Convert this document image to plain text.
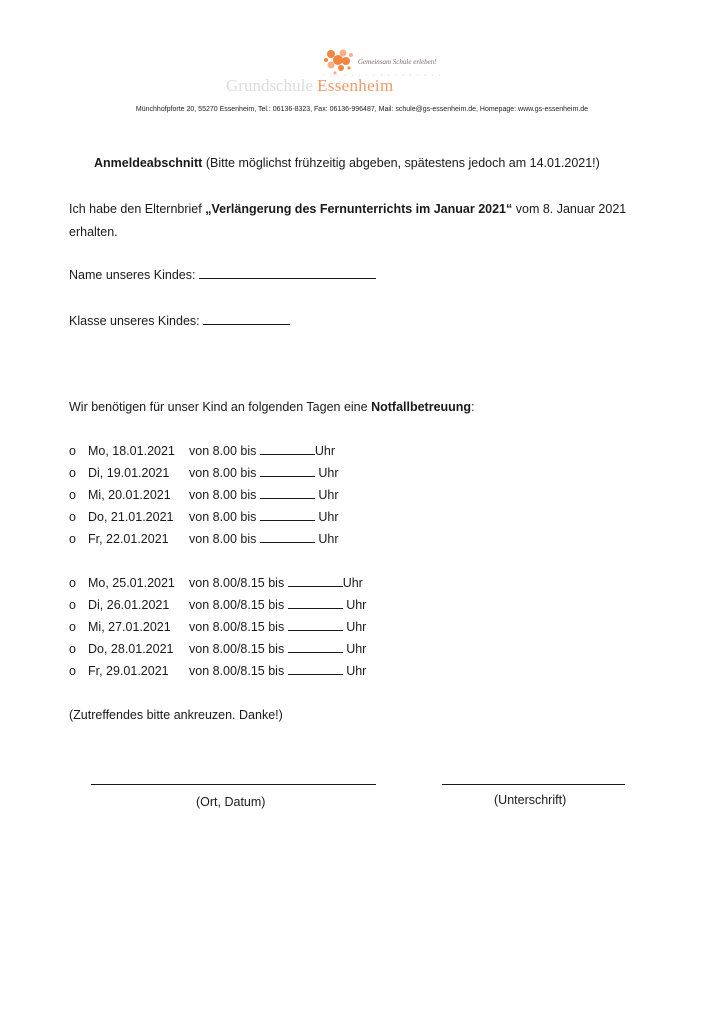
Gemeinsam Schule erleben!
· · · · · · · · · · · · · · · · ·
Grundschule Essenheim
Münchhofpforte 20, 55270 Essenheim, Tel.: 06136-8323, Fax: 06136-996487, Mail: schule@gs-essenheim.de, Homepage: www.gs-essenheim.de
Anmeldeabschnitt (Bitte möglichst frühzeitig abgeben, spätestens jedoch am 14.01.2021!)
Ich habe den Elternbrief „Verlängerung des Fernunterrichts im Januar 2021“ vom 8. Januar 2021
erhalten.
Name unseres Kindes:
Klasse unseres Kindes:
Wir benötigen für unser Kind an folgenden Tagen eine Notfallbetreuung:
o Mo, 18.01.2021 von 8.00 bis	Uhr
o Di, 19.01.2021 von 8.00 bis	Uhr
o Mi, 20.01.2021 von 8.00 bis	Uhr
o Do, 21.01.2021 von 8.00 bis	Uhr
o Fr, 22.01.2021 von 8.00 bis	Uhr
o Mo, 25.01.2021 von 8.00/8.15 bis	Uhr
o Di, 26.01.2021 von 8.00/8.15 bis	Uhr
o Mi, 27.01.2021 von 8.00/8.15 bis	Uhr
o Do, 28.01.2021 von 8.00/8.15 bis	Uhr
o Fr, 29.01.2021 von 8.00/8.15 bis	Uhr
(Zutreffendes bitte ankreuzen. Danke!)
(Ort, Datum)	(Unterschrift)
